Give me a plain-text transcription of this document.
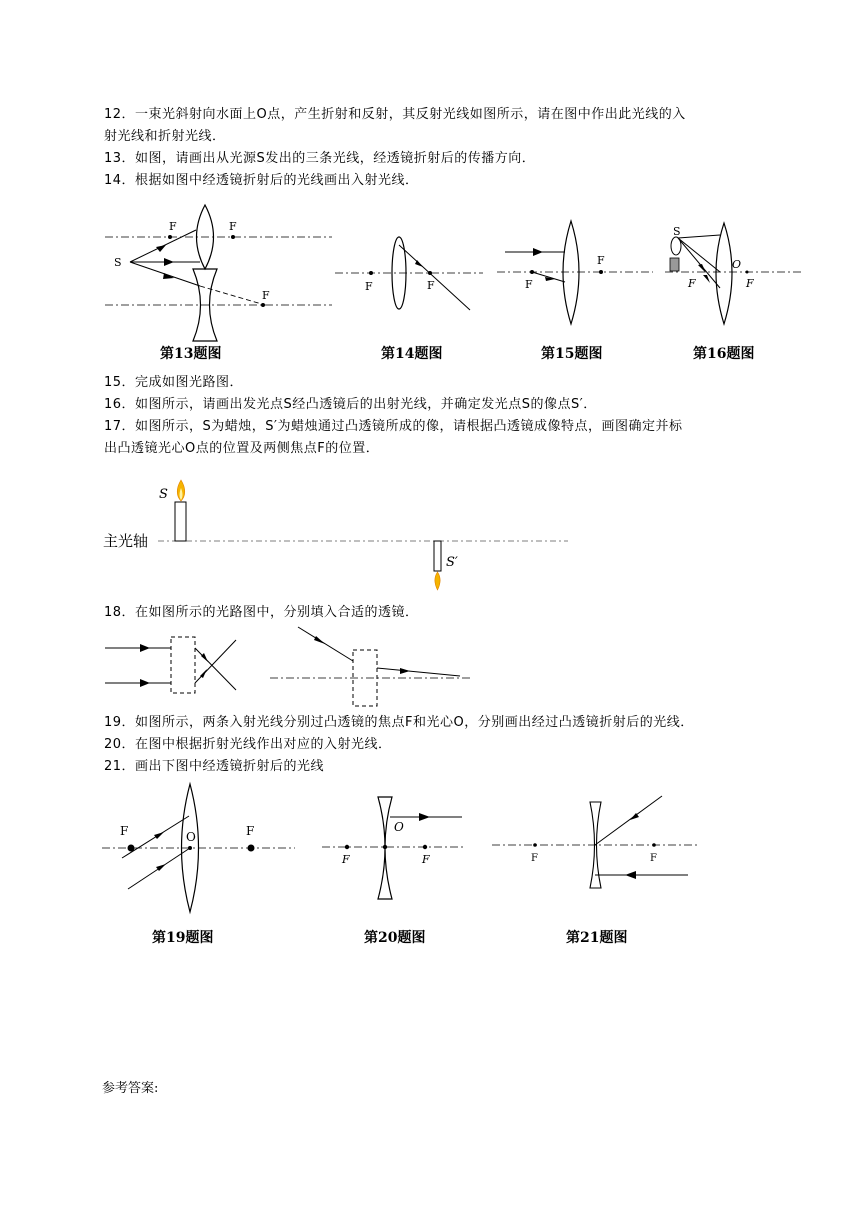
12．一束光斜射向水面上O点，产生折射和反射，其反射光线如图所示，请在图中作出此光线的入
射光线和折射光线．
13．如图，请画出从光源S发出的三条光线，经透镜折射后的传播方向．
14．根据如图中经透镜折射后的光线画出入射光线．
F	F
F
S
F	F	F
F
S
O
F	F
第13题图	第14题图	第15题图	第16题图
15．完成如图光路图．
16．如图所示，请画出发光点S经凸透镜后的出射光线，并确定发光点S的像点S′．
17．如图所示，S为蜡烛，S′为蜡烛通过凸透镜所成的像，请根据凸透镜成像特点，画图确定并标
出凸透镜光心O点的位置及两侧焦点F的位置．
主光轴
S
S′
18．在如图所示的光路图中，分别填入合适的透镜．
19．如图所示，两条入射光线分别过凸透镜的焦点F和光心O，分别画出经过凸透镜折射后的光线．
20．在图中根据折射光线作出对应的入射光线．
21．画出下图中经透镜折射后的光线
F	O	F
F
O
F	F	F
第19题图	第20题图	第21题图
参考答案:
